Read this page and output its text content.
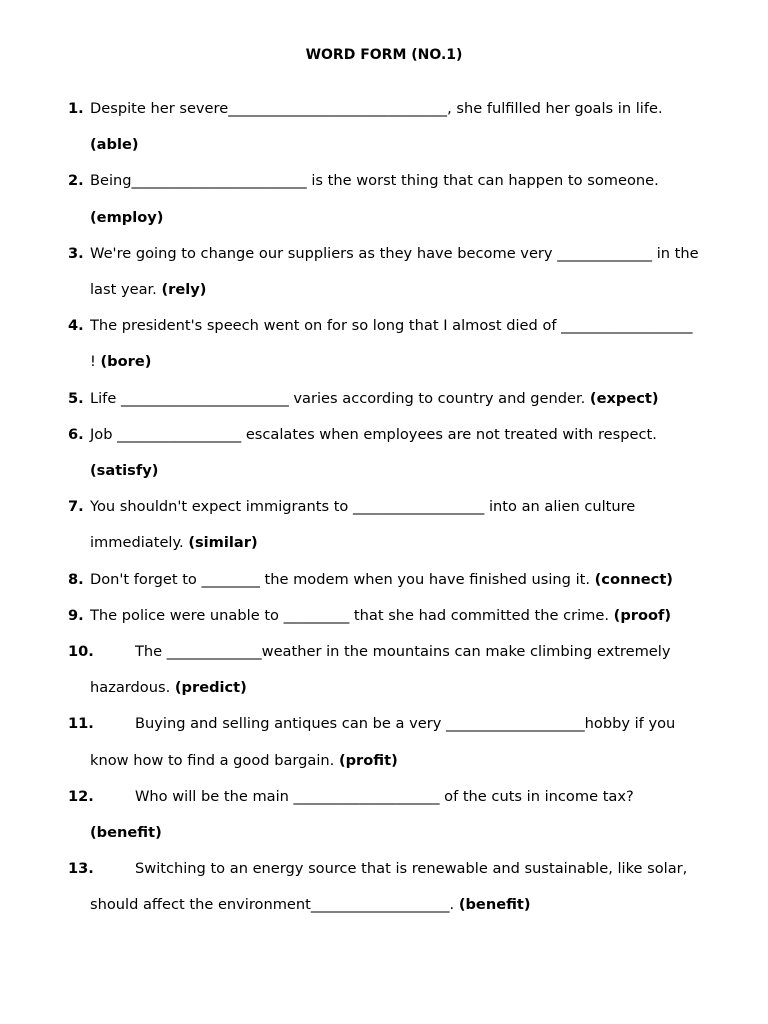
WORD FORM (NO.1)
1. Despite her severe______________________________, she fulfilled her goals in life.
(able)
2. Being________________________ is the worst thing that can happen to someone.
(employ)
3. We're going to change our suppliers as they have become very _____________ in the
last year. (rely)
4. The president's speech went on for so long that I almost died of __________________
! (bore)
5. Life _______________________ varies according to country and gender. (expect)
6. Job _________________ escalates when employees are not treated with respect.
(satisfy)
7. You shouldn't expect immigrants to __________________ into an alien culture
immediately. (similar)
8. Don't forget to ________ the modem when you have finished using it. (connect)
9. The police were unable to _________ that she had committed the crime. (proof)
10.	The _____________weather in the mountains can make climbing extremely
hazardous. (predict)
11.	Buying and selling antiques can be a very ___________________hobby if you
know how to find a good bargain. (profit)
12.	Who will be the main ____________________ of the cuts in income tax?
(benefit)
13.	Switching to an energy source that is renewable and sustainable, like solar,
should affect the environment___________________. (benefit)
